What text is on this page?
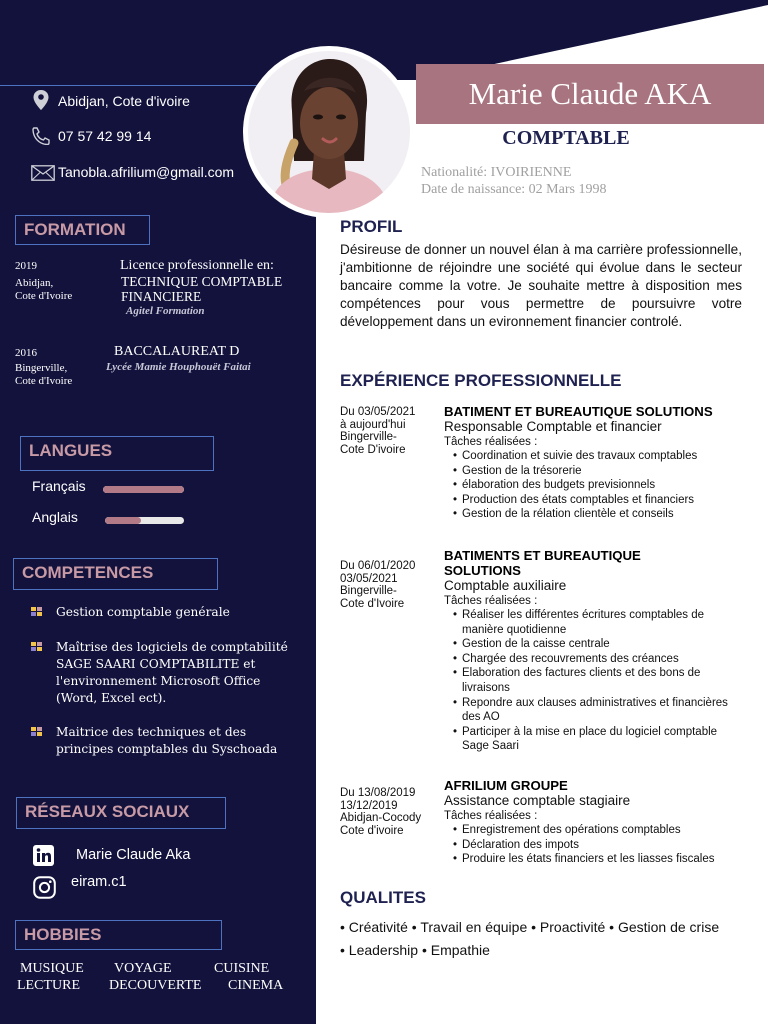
Abidjan, Cote d'ivoire
07 57 42 99 14
Tanobla.afrilium@gmail.com
FORMATION
2019
Abidjan,
Cote d'Ivoire
Licence professionnelle en:
TECHNIQUE COMPTABLE
FINANCIERE
Agitel Formation
2016
Bingerville,
Cote d'Ivoire
BACCALAUREAT D
Lycée Mamie Houphouët Faitai
LANGUES
Français
Anglais
COMPETENCES
Gestion comptable genérale
Maîtrise des logiciels de comptabilité
SAGE SAARI COMPTABILITE et
l'environnement Microsoft Office
(Word, Excel ect).
Maitrice des techniques et des
principes comptables du Syschoada
RÉSEAUX SOCIAUX
Marie Claude Aka
eiram.c1
HOBBIES
MUSIQUE VOYAGE	CUISINE
LECTURE DECOUVERTE CINEMA
Marie Claude AKA
COMPTABLE
Nationalité: IVOIRIENNE
Date de naissance: 02 Mars 1998
PROFIL
Désireuse de donner un nouvel élan à ma carrière professionnelle, j'ambitionne de réjoindre une société qui évolue dans le secteur bancaire comme la votre. Je souhaite mettre à disposition mes compétences pour vous permettre de poursuivre votre développement dans un evironnement financier controlé.
EXPÉRIENCE PROFESSIONNELLE
Du 03/05/2021
à aujourd'hui
Bingerville-
Cote D'ivoire
BATIMENT ET BUREAUTIQUE SOLUTIONS
Responsable Comptable et financier
Tâches réalisées :
• Coordination et suivie des travaux comptables
• Gestion de la trésorerie
• élaboration des budgets previsionnels
• Production des états comptables et financiers
• Gestion de la rélation clientèle et conseils
Du 06/01/2020
03/05/2021
Bingerville-
Cote d'Ivoire
BATIMENTS ET BUREAUTIQUE
SOLUTIONS
Comptable auxiliaire
Tâches réalisées :
• Réaliser les différentes écritures comptables de manière quotidienne
• Gestion de la caisse centrale
• Chargée des recouvrements des créances
• Elaboration des factures clients et des bons de livraisons
• Repondre aux clauses administratives et financières des AO
• Participer à la mise en place du logiciel comptable Sage Saari
Du 13/08/2019
13/12/2019
Abidjan-Cocody
Cote d'ivoire
AFRILIUM GROUPE
Assistance comptable stagiaire
Tâches réalisées :
• Enregistrement des opérations comptables
• Déclaration des impots
• Produire les états financiers et les liasses fiscales
QUALITES
• Créativité • Travail en équipe • Proactivité • Gestion de crise
• Leadership • Empathie
